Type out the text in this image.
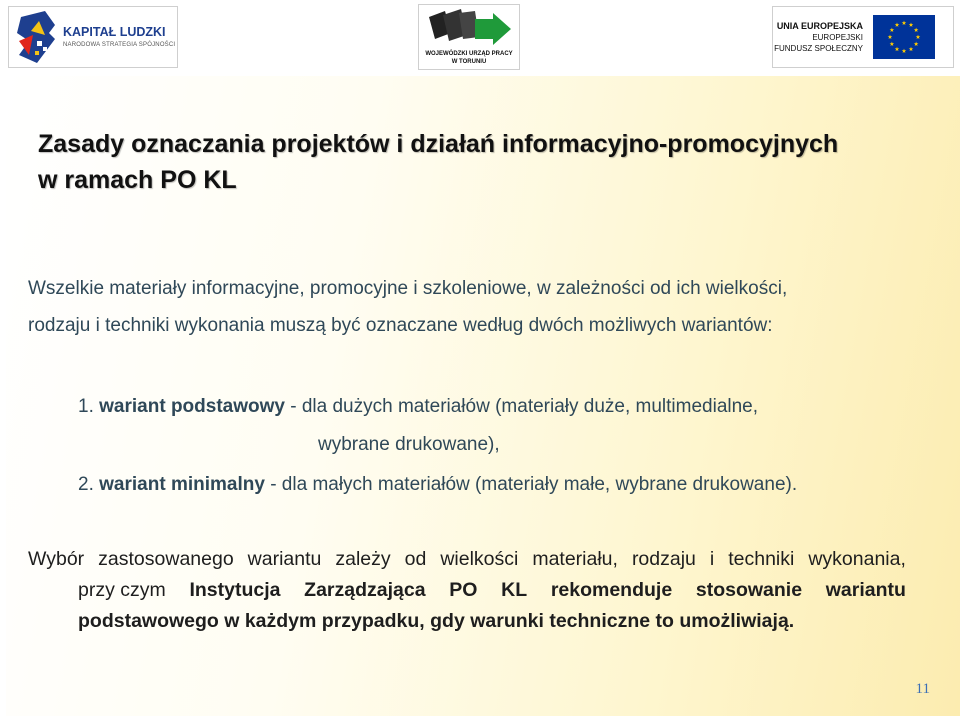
KAPITAŁ LUDZKI
NARODOWA STRATEGIA SPÓJNOŚCI
WOJEWÓDZKI URZĄD PRACY
W TORUNIU
UNIA EUROPEJSKA
EUROPEJSKI
FUNDUSZ SPOŁECZNY
Zasady oznaczania projektów i działań informacyjno-promocyjnych
w ramach PO KL
Wszelkie materiały informacyjne, promocyjne i szkoleniowe, w zależności od ich wielkości,
rodzaju i techniki wykonania muszą być oznaczane według dwóch możliwych wariantów:
1. wariant podstawowy - dla dużych materiałów (materiały duże, multimedialne,
wybrane drukowane),
2. wariant minimalny - dla małych materiałów (materiały małe, wybrane drukowane).
Wybór zastosowanego wariantu zależy od wielkości materiału, rodzaju i techniki wykonania,
przy czym Instytucja Zarządzająca PO KL rekomenduje stosowanie wariantu
podstawowego w każdym przypadku, gdy warunki techniczne to umożliwiają.
11
